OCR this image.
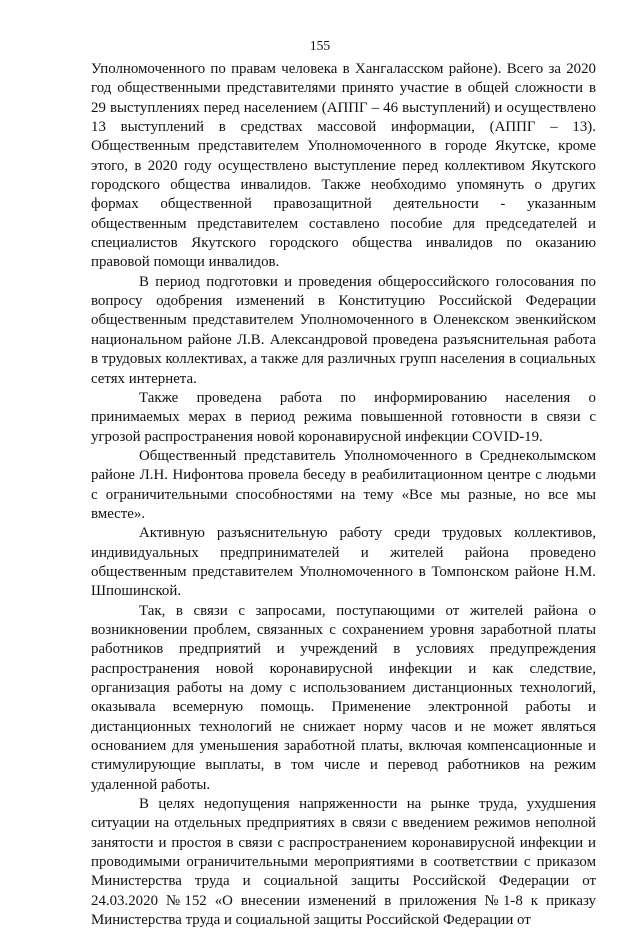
155

Уполномоченного по правам человека в Хангаласском районе). Всего за 2020 год общественными представителями принято участие в общей сложности в 29 выступлениях перед населением (АППГ – 46 выступлений) и осуществлено 13 выступлений в средствах массовой информации, (АППГ – 13). Общественным представителем Уполномоченного в городе Якутске, кроме этого, в 2020 году осуществлено выступление перед коллективом Якутского городского общества инвалидов. Также необходимо упомянуть о других формах общественной правозащитной деятельности - указанным общественным представителем составлено пособие для председателей и специалистов Якутского городского общества инвалидов по оказанию правовой помощи инвалидов.

В период подготовки и проведения общероссийского голосования по вопросу одобрения изменений в Конституцию Российской Федерации общественным представителем Уполномоченного в Оленекском эвенкийском национальном районе Л.В. Александровой проведена разъяснительная работа в трудовых коллективах, а также для различных групп населения в социальных сетях интернета.

Также проведена работа по информированию населения о принимаемых мерах в период режима повышенной готовности в связи с угрозой распространения новой коронавирусной инфекции COVID-19.

Общественный представитель Уполномоченного в Среднеколымском районе Л.Н. Нифонтова провела беседу в реабилитационном центре с людьми с ограничительными способностями на тему «Все мы разные, но все мы вместе».

Активную разъяснительную работу среди трудовых коллективов, индивидуальных предпринимателей и жителей района проведено общественным представителем Уполномоченного в Томпонском районе Н.М. Шпошинской.

Так, в связи с запросами, поступающими от жителей района о возникновении проблем, связанных с сохранением уровня заработной платы работников предприятий и учреждений в условиях предупреждения распространения новой коронавирусной инфекции и как следствие, организация работы на дому с использованием дистанционных технологий, оказывала всемерную помощь. Применение электронной работы и дистанционных технологий не снижает норму часов и не может являться основанием для уменьшения заработной платы, включая компенсационные и стимулирующие выплаты, в том числе и перевод работников на режим удаленной работы.

В целях недопущения напряженности на рынке труда, ухудшения ситуации на отдельных предприятиях в связи с введением режимов неполной занятости и простоя в связи с распространением коронавирусной инфекции и проводимыми ограничительными мероприятиями в соответствии с приказом Министерства труда и социальной защиты Российской Федерации от 24.03.2020 №152 «О внесении изменений в приложения №1-8 к приказу Министерства труда и социальной защиты Российской Федерации от
